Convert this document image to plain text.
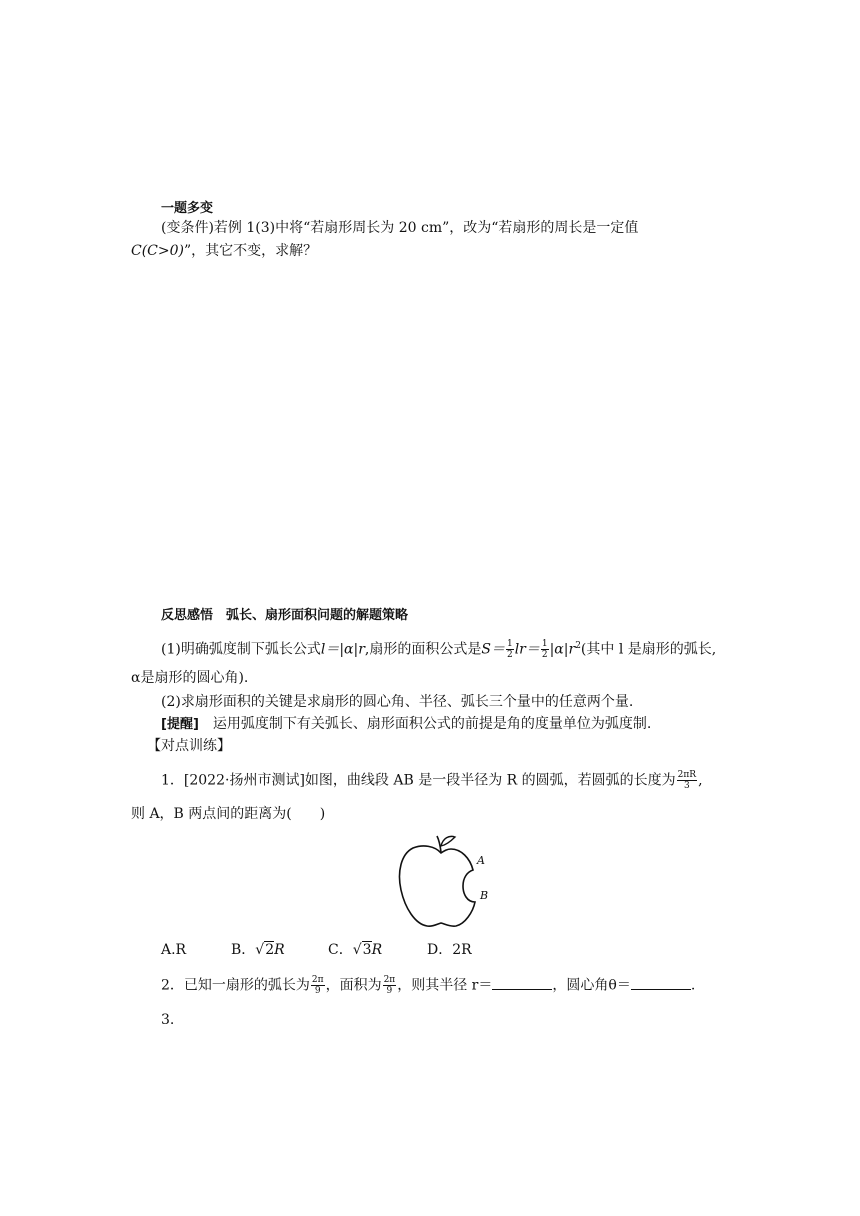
一题多变
(变条件)若例 1(3)中将“若扇形周长为 20 cm”，改为“若扇形的周长是一定值
C(C>0)”，其它不变，求解？
反思感悟　弧长、扇形面积问题的解题策略
(1)明确弧度制下弧长公式l＝|α|r,扇形的面积公式是$S= \frac{1}{2} lr= \frac{1}{2} |\alpha|r^2$(其中 l 是扇形的弧长,
α是扇形的圆心角).
(2)求扇形面积的关键是求扇形的圆心角、半径、弧长三个量中的任意两个量.
[提醒]　 运用弧度制下有关弧长、扇形面积公式的前提是角的度量单位为弧度制.
【对点训练】
1．[2022·扬州市测试]如图，曲线段 AB 是一段半径为 R 的圆弧，若圆弧的长度为 $\frac{2\pi R}{3}$ ,
则 A，B 两点间的距离为(　　)
A
B
A.R	B．√2R	C．√3R	D．2R
2．已知一扇形的弧长为 $\frac{2\pi}{9}$ ，面积为 $\frac{2\pi}{9}$ ，则其半径 r＝	，圆心角θ＝	.
3.
